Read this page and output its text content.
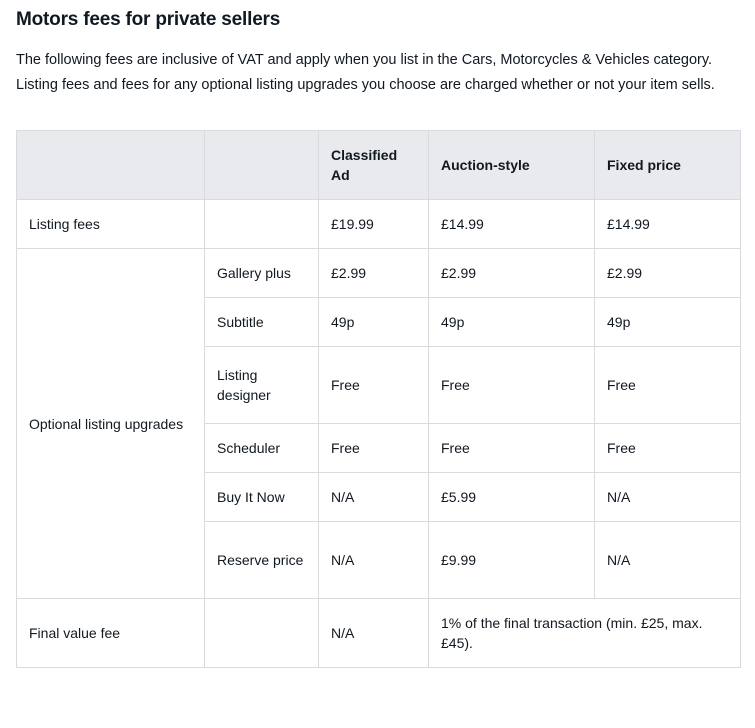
Motors fees for private sellers

The following fees are inclusive of VAT and apply when you list in the Cars, Motorcycles & Vehicles category. Listing fees and fees for any optional listing upgrades you choose are charged whether or not your item sells.

		Classified Ad	Auction-style	Fixed price
Listing fees		£19.99	£14.99	£14.99
Optional listing upgrades	Gallery plus	£2.99	£2.99	£2.99
	Subtitle	49p	49p	49p
	Listing designer	Free	Free	Free
	Scheduler	Free	Free	Free
	Buy It Now	N/A	£5.99	N/A
	Reserve price	N/A	£9.99	N/A
Final value fee		N/A	1% of the final transaction (min. £25, max. £45).	
